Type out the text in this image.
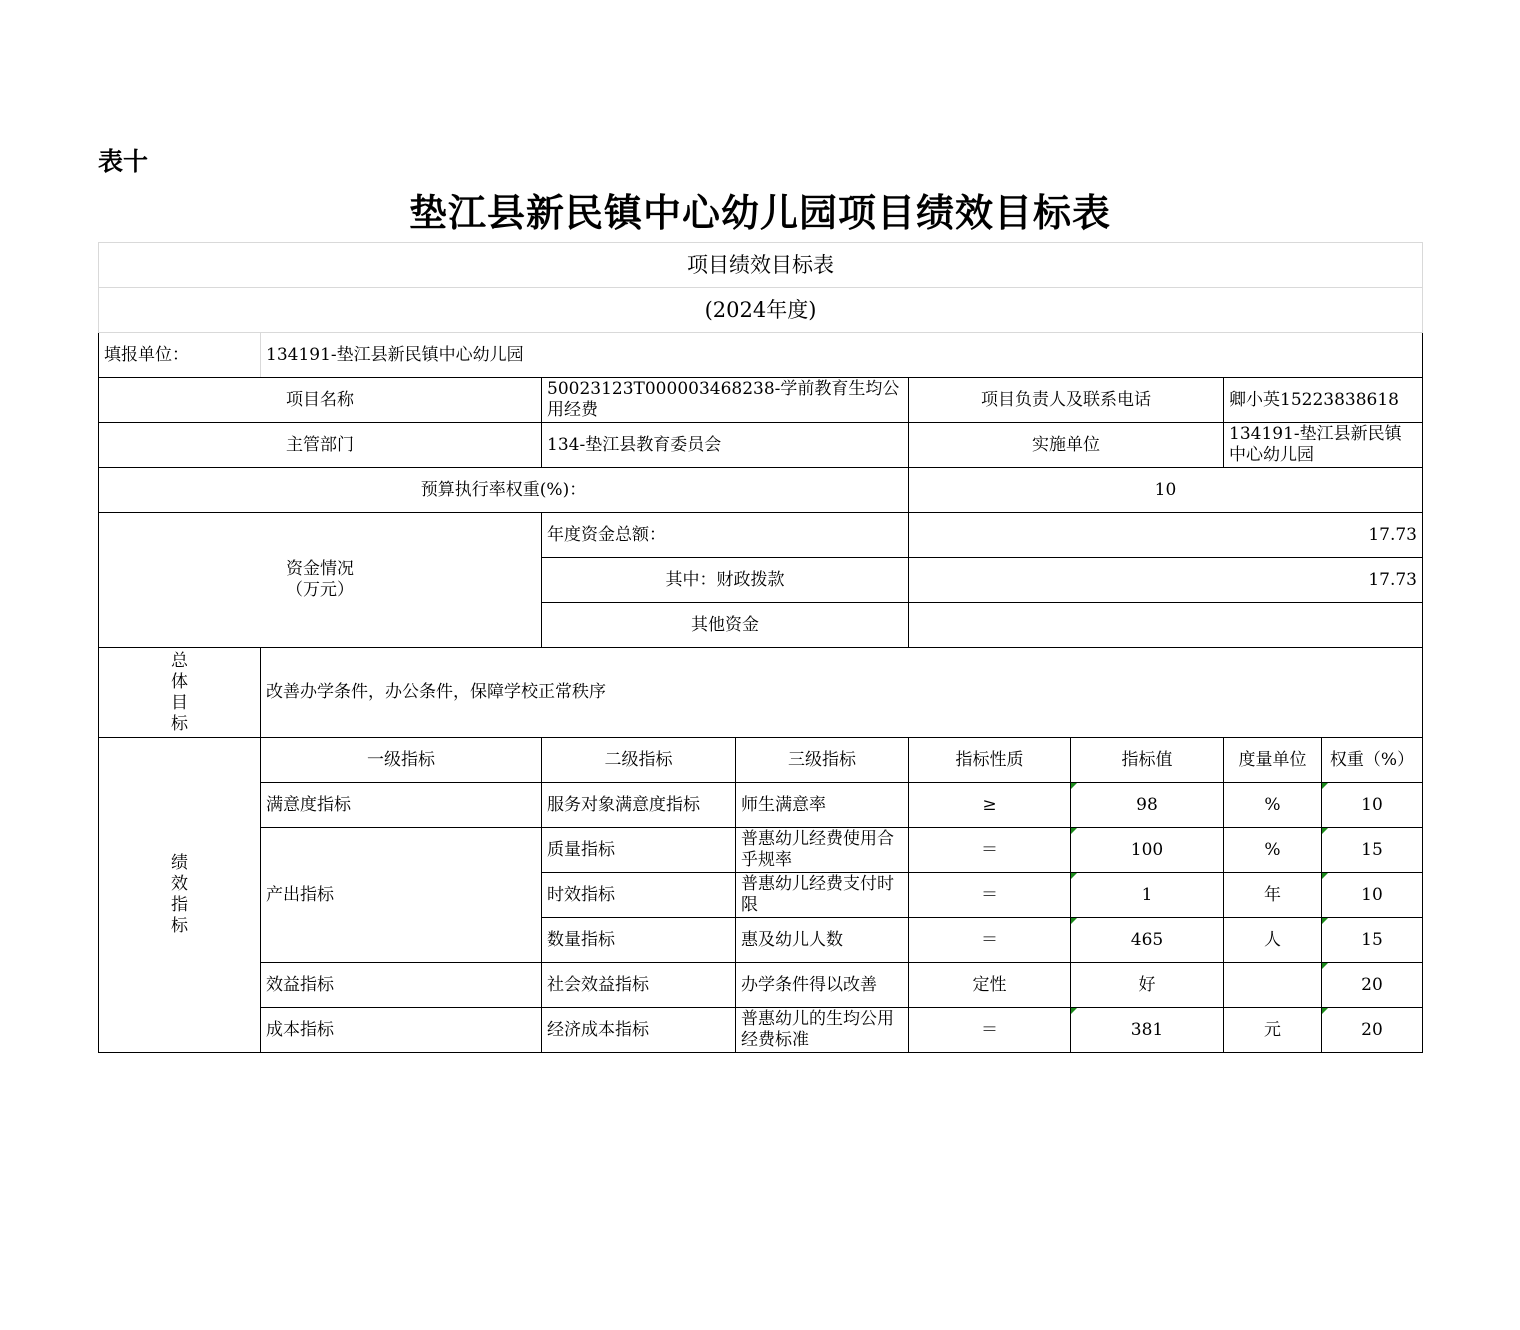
表十
垫江县新民镇中心幼儿园项目绩效目标表
项目绩效目标表							
(2024年度)							
填报单位：	134191-垫江县新民镇中心幼儿园						
项目名称		50023123T000003468238-学前教育生均公用经费		项目负责人及联系电话		卿小英15223838618	
主管部门		134-垫江县教育委员会		实施单位		134191-垫江县新民镇中心幼儿园	
预算执行率权重(%)：				10			

资金情况
（万元）		年度资金总额：		17.73			
		其中：财政拨款		17.73			
		其他资金					

总
体
目
标	改善办学条件，办公条件，保障学校正常秩序						

绩
效
指
标	一级指标	二级指标	三级指标	指标性质	指标值	度量单位	权重（%）
	满意度指标	服务对象满意度指标	师生满意率	≥	98	%	10
	产出指标	质量指标	普惠幼儿经费使用合乎规率	＝	100	%	15
		时效指标	普惠幼儿经费支付时限	＝	1	年	10
		数量指标	惠及幼儿人数	＝	465	人	15
	效益指标	社会效益指标	办学条件得以改善	定性	好		20
	成本指标	经济成本指标	普惠幼儿的生均公用经费标准	＝	381	元	20
